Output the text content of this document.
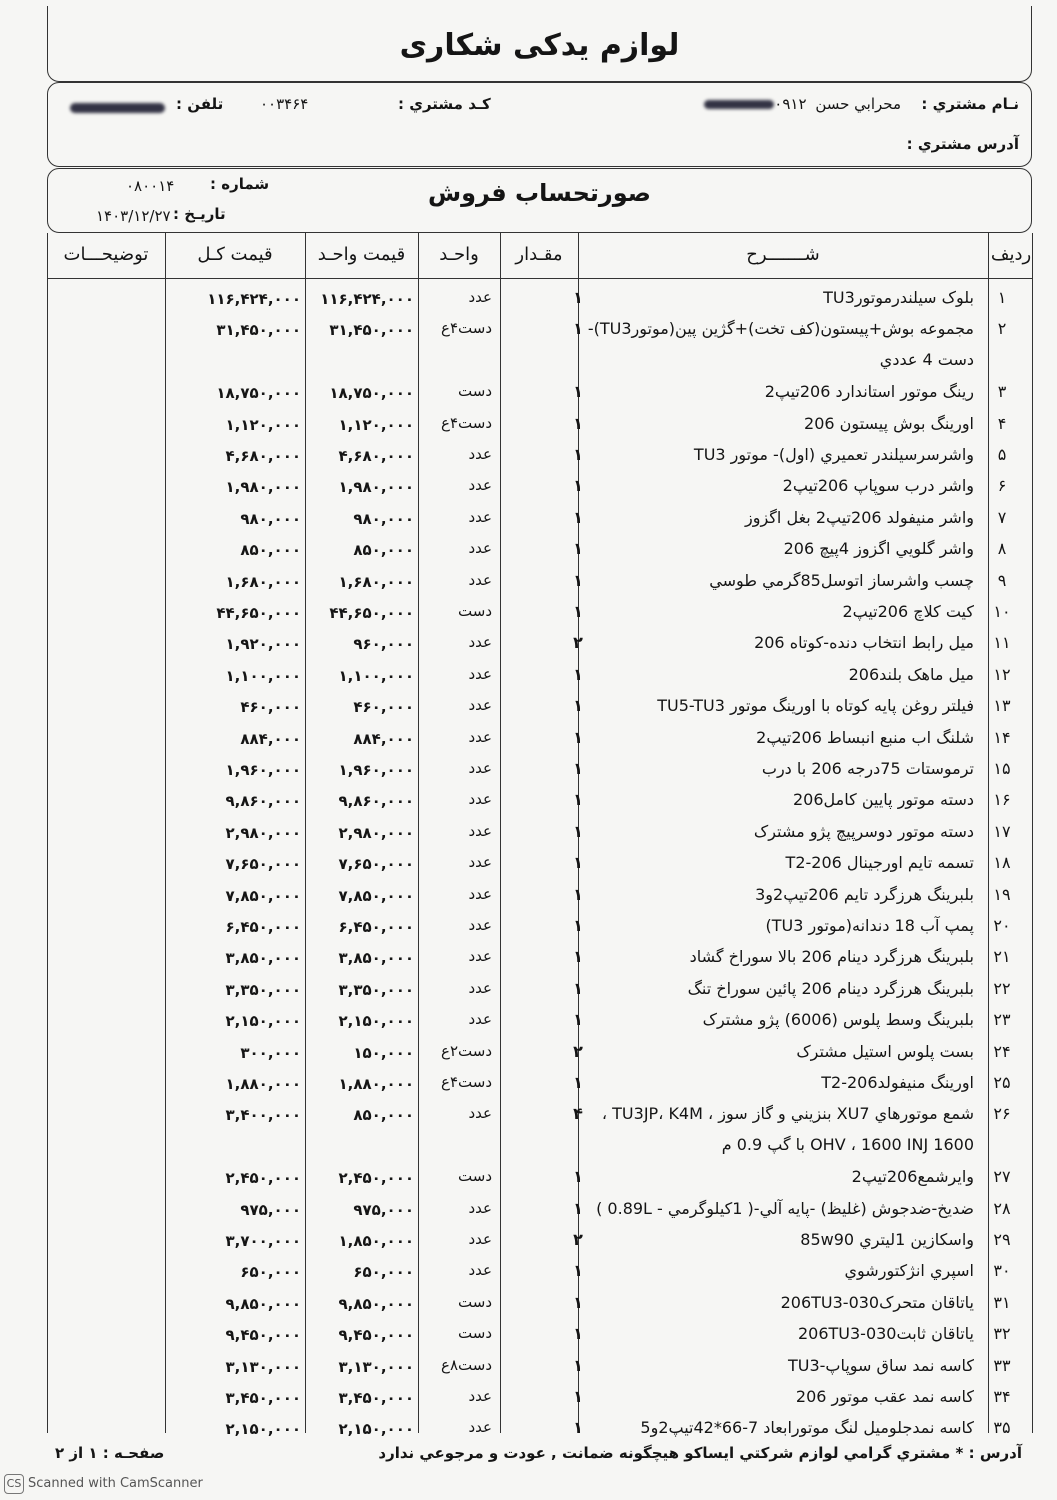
لوازم يدكی شكاری
نـام مشتري :
محرابي حسن ۰۹۱۲
کـد مشتري :
۰۰۳۴۶۴
تلفن :
آدرس مشتري :
صورتحساب فروش
شماره :
۰۸۰۰۱۴
تاريـخ :
۱۴۰۳/۱۲/۲۷
رديف
شـــــــرح
مقـدار
واحـد
قيمت واحـد
قيمت كـل
توضيحـــات
۱
بلوک سيلندرموتورTU3
۱
عدد
۱۱۶,۴۲۴,۰۰۰
۱۱۶,۴۲۴,۰۰۰
۲
مجموعه بوش+پيستون(کف تخت)+گژين پين(موتورTU3)-
۱
دست۴ع
۳۱,۴۵۰,۰۰۰
۳۱,۴۵۰,۰۰۰
دست 4 عددي
۳
رينگ موتور استاندارد 206تيپ2
۱
دست
۱۸,۷۵۰,۰۰۰
۱۸,۷۵۰,۰۰۰
۴
اورينگ بوش پيستون 206
۱
دست۴ع
۱,۱۲۰,۰۰۰
۱,۱۲۰,۰۰۰
۵
واشرسرسيلندر تعميري (اول)- موتور TU3
۱
عدد
۴,۶۸۰,۰۰۰
۴,۶۸۰,۰۰۰
۶
واشر درب سوپاپ 206تيپ2
۱
عدد
۱,۹۸۰,۰۰۰
۱,۹۸۰,۰۰۰
۷
واشر منيفولد 206تيپ2 بغل اگزوز
۱
عدد
۹۸۰,۰۰۰
۹۸۰,۰۰۰
۸
واشر گلويي اگزوز 4پيچ 206
۱
عدد
۸۵۰,۰۰۰
۸۵۰,۰۰۰
۹
چسب واشرساز اتوسل85گرمي طوسي
۱
عدد
۱,۶۸۰,۰۰۰
۱,۶۸۰,۰۰۰
۱۰
کيت کلاچ 206تيپ2
۱
دست
۴۴,۶۵۰,۰۰۰
۴۴,۶۵۰,۰۰۰
۱۱
ميل رابط انتخاب دنده-کوتاه 206
۲
عدد
۹۶۰,۰۰۰
۱,۹۲۰,۰۰۰
۱۲
ميل ماهک بلند206
۱
عدد
۱,۱۰۰,۰۰۰
۱,۱۰۰,۰۰۰
۱۳
فيلتر روغن پايه کوتاه با اورينگ موتور TU5-TU3
۱
عدد
۴۶۰,۰۰۰
۴۶۰,۰۰۰
۱۴
شلنگ اب منبع انبساط 206تيپ2
۱
عدد
۸۸۴,۰۰۰
۸۸۴,۰۰۰
۱۵
ترموستات 75درجه 206 با درب
۱
عدد
۱,۹۶۰,۰۰۰
۱,۹۶۰,۰۰۰
۱۶
دسته موتور پايين کامل206
۱
عدد
۹,۸۶۰,۰۰۰
۹,۸۶۰,۰۰۰
۱۷
دسته موتور دوسرپيچ پژو مشترک
۱
عدد
۲,۹۸۰,۰۰۰
۲,۹۸۰,۰۰۰
۱۸
تسمه تايم اورجينال T2-206
۱
عدد
۷,۶۵۰,۰۰۰
۷,۶۵۰,۰۰۰
۱۹
بلبرينگ هرزگرد تايم 206تيپ2و3
۱
عدد
۷,۸۵۰,۰۰۰
۷,۸۵۰,۰۰۰
۲۰
پمپ آب 18 دندانه(موتور TU3)
۱
عدد
۶,۴۵۰,۰۰۰
۶,۴۵۰,۰۰۰
۲۱
بلبرينگ هرزگرد دينام 206 بالا سوراخ گشاد
۱
عدد
۳,۸۵۰,۰۰۰
۳,۸۵۰,۰۰۰
۲۲
بلبرينگ هرزگرد دينام 206 پائين سوراخ تنگ
۱
عدد
۳,۳۵۰,۰۰۰
۳,۳۵۰,۰۰۰
۲۳
بلبرينگ وسط پلوس (6006) پژو مشترک
۱
عدد
۲,۱۵۰,۰۰۰
۲,۱۵۰,۰۰۰
۲۴
بست پلوس استيل مشترک
۲
دست۲ع
۱۵۰,۰۰۰
۳۰۰,۰۰۰
۲۵
اورينگ منيفولد206-T2
۱
دست۴ع
۱,۸۸۰,۰۰۰
۱,۸۸۰,۰۰۰
۲۶
شمع موتورهاي XU7 بنزيني و گاز سوز ، TU3JP، K4M ،
۴
عدد
۸۵۰,۰۰۰
۳,۴۰۰,۰۰۰
OHV ، 1600 INJ 1600 با گپ 0.9 م
۲۷
وايرشمع206تيپ2
۱
دست
۲,۴۵۰,۰۰۰
۲,۴۵۰,۰۰۰
۲۸
ضديخ-ضدجوش (غليظ) -پايه آلي-( 1کيلوگرمي - 0.89L )
۱
عدد
۹۷۵,۰۰۰
۹۷۵,۰۰۰
۲۹
واسکازين 1ليتري 85w90
۲
عدد
۱,۸۵۰,۰۰۰
۳,۷۰۰,۰۰۰
۳۰
اسپري انژکتورشوي
۱
عدد
۶۵۰,۰۰۰
۶۵۰,۰۰۰
۳۱
ياتاقان متحرک206TU3-030
۱
دست
۹,۸۵۰,۰۰۰
۹,۸۵۰,۰۰۰
۳۲
ياتاقان ثابت206TU3-030
۱
دست
۹,۴۵۰,۰۰۰
۹,۴۵۰,۰۰۰
۳۳
کاسه نمد ساق سوپاپ-TU3
۱
دست۸ع
۳,۱۳۰,۰۰۰
۳,۱۳۰,۰۰۰
۳۴
کاسه نمد عقب موتور 206
۱
عدد
۳,۴۵۰,۰۰۰
۳,۴۵۰,۰۰۰
۳۵
کاسه نمدجلوميل لنگ موتورابعاد 7-66*42تيپ2و5
۱
عدد
۲,۱۵۰,۰۰۰
۲,۱۵۰,۰۰۰
آدرس : * مشتري گرامي لوازم شرکتي ايساکو هيچگونه ضمانت , عودت و مرجوعي ندارد
صفحـه : ۱ از ۲
CS Scanned with CamScanner
